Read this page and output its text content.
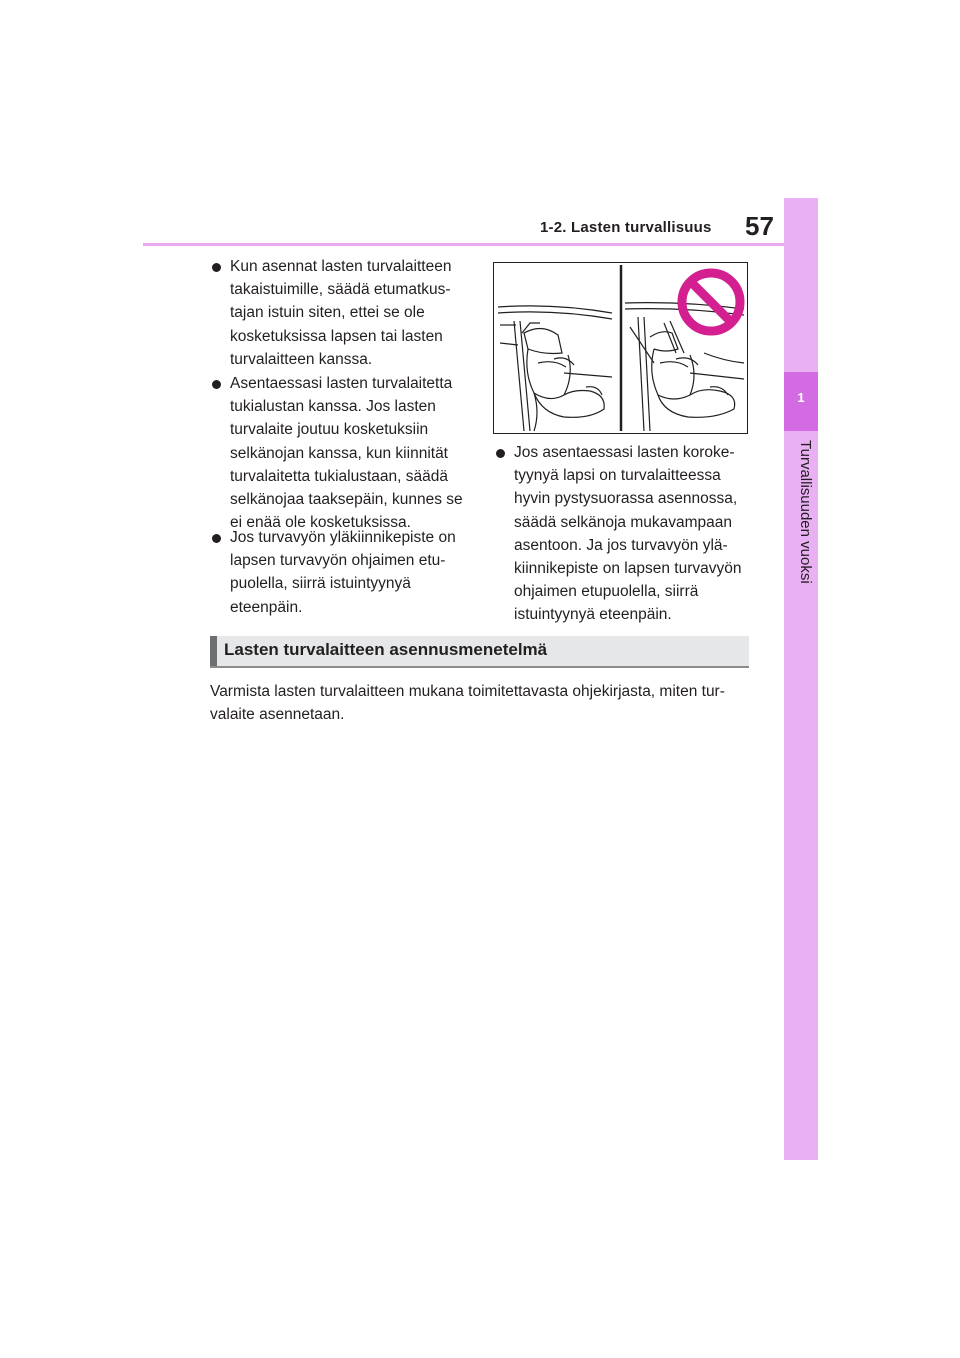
1-2. Lasten turvallisuus 57
1
Turvallisuuden vuoksi
Kun asennat lasten turvalaitteen takaistuimille, säädä etumatkus-tajan istuin siten, ettei se ole kosketuksissa lapsen tai lasten turvalaitteen kanssa.
Asentaessasi lasten turvalaitetta tukialustan kanssa. Jos lasten turvalaite joutuu kosketuksiin selkänojan kanssa, kun kiinnität turvalaitetta tukialustaan, säädä selkänojaa taaksepäin, kunnes se ei enää ole kosketuksissa.
Jos turvavyön yläkiinnikepiste on lapsen turvavyön ohjaimen etu-puolella, siirrä istuintyynyä eteenpäin.
Jos asentaessasi lasten koroke-tyynyä lapsi on turvalaitteessa hyvin pystysuorassa asennossa, säädä selkänoja mukavampaan asentoon. Ja jos turvavyön ylä-kiinnikepiste on lapsen turvavyön ohjaimen etupuolella, siirrä istuintyynyä eteenpäin.
Lasten turvalaitteen asennusmenetelmä
Varmista lasten turvalaitteen mukana toimitettavasta ohjekirjasta, miten tur-valaite asennetaan.
